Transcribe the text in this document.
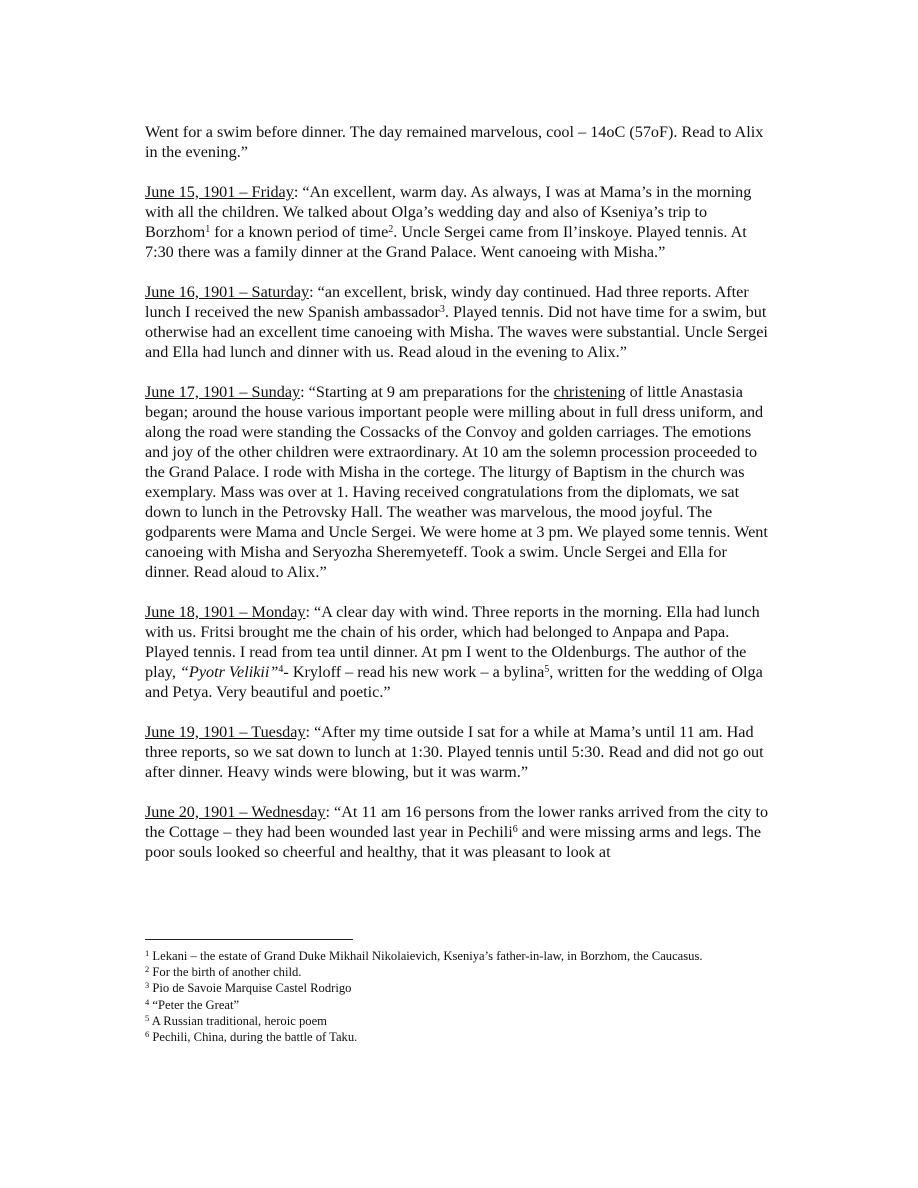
Went for a swim before dinner. The day remained marvelous, cool – 14oC (57oF). Read to Alix in the evening.”

June 15, 1901 – Friday: “An excellent, warm day. As always, I was at Mama’s in the morning with all the children. We talked about Olga’s wedding day and also of Kseniya’s trip to Borzhom$^1$ for a known period of time$^2$. Uncle Sergei came from Il’inskoye. Played tennis. At 7:30 there was a family dinner at the Grand Palace. Went canoeing with Misha.”

June 16, 1901 – Saturday: “an excellent, brisk, windy day continued. Had three reports. After lunch I received the new Spanish ambassador$^3$. Played tennis. Did not have time for a swim, but otherwise had an excellent time canoeing with Misha. The waves were substantial. Uncle Sergei and Ella had lunch and dinner with us. Read aloud in the evening to Alix.”

June 17, 1901 – Sunday: “Starting at 9 am preparations for the christening of little Anastasia began; around the house various important people were milling about in full dress uniform, and along the road were standing the Cossacks of the Convoy and golden carriages. The emotions and joy of the other children were extraordinary. At 10 am the solemn procession proceeded to the Grand Palace. I rode with Misha in the cortege. The liturgy of Baptism in the church was exemplary. Mass was over at 1. Having received congratulations from the diplomats, we sat down to lunch in the Petrovsky Hall. The weather was marvelous, the mood joyful. The godparents were Mama and Uncle Sergei. We were home at 3 pm. We played some tennis. Went canoeing with Misha and Seryozha Sheremyeteff. Took a swim. Uncle Sergei and Ella for dinner. Read aloud to Alix.”

June 18, 1901 – Monday: “A clear day with wind. Three reports in the morning. Ella had lunch with us. Fritsi brought me the chain of his order, which had belonged to Anpapa and Papa. Played tennis. I read from tea until dinner. At pm I went to the Oldenburgs. The author of the play, “Pyotr Velikii”$^4$- Kryloff – read his new work – a bylina$^5$, written for the wedding of Olga and Petya. Very beautiful and poetic.”

June 19, 1901 – Tuesday: “After my time outside I sat for a while at Mama’s until 11 am. Had three reports, so we sat down to lunch at 1:30. Played tennis until 5:30. Read and did not go out after dinner. Heavy winds were blowing, but it was warm.”

June 20, 1901 – Wednesday: “At 11 am 16 persons from the lower ranks arrived from the city to the Cottage – they had been wounded last year in Pechili$^6$ and were missing arms and legs. The poor souls looked so cheerful and healthy, that it was pleasant to look at

$^1$ Lekani – the estate of Grand Duke Mikhail Nikolaievich, Kseniya’s father-in-law, in Borzhom, the Caucasus.
$^2$ For the birth of another child.
$^3$ Pio de Savoie Marquise Castel Rodrigo
$^4$ “Peter the Great”
$^5$ A Russian traditional, heroic poem
$^6$ Pechili, China, during the battle of Taku.
